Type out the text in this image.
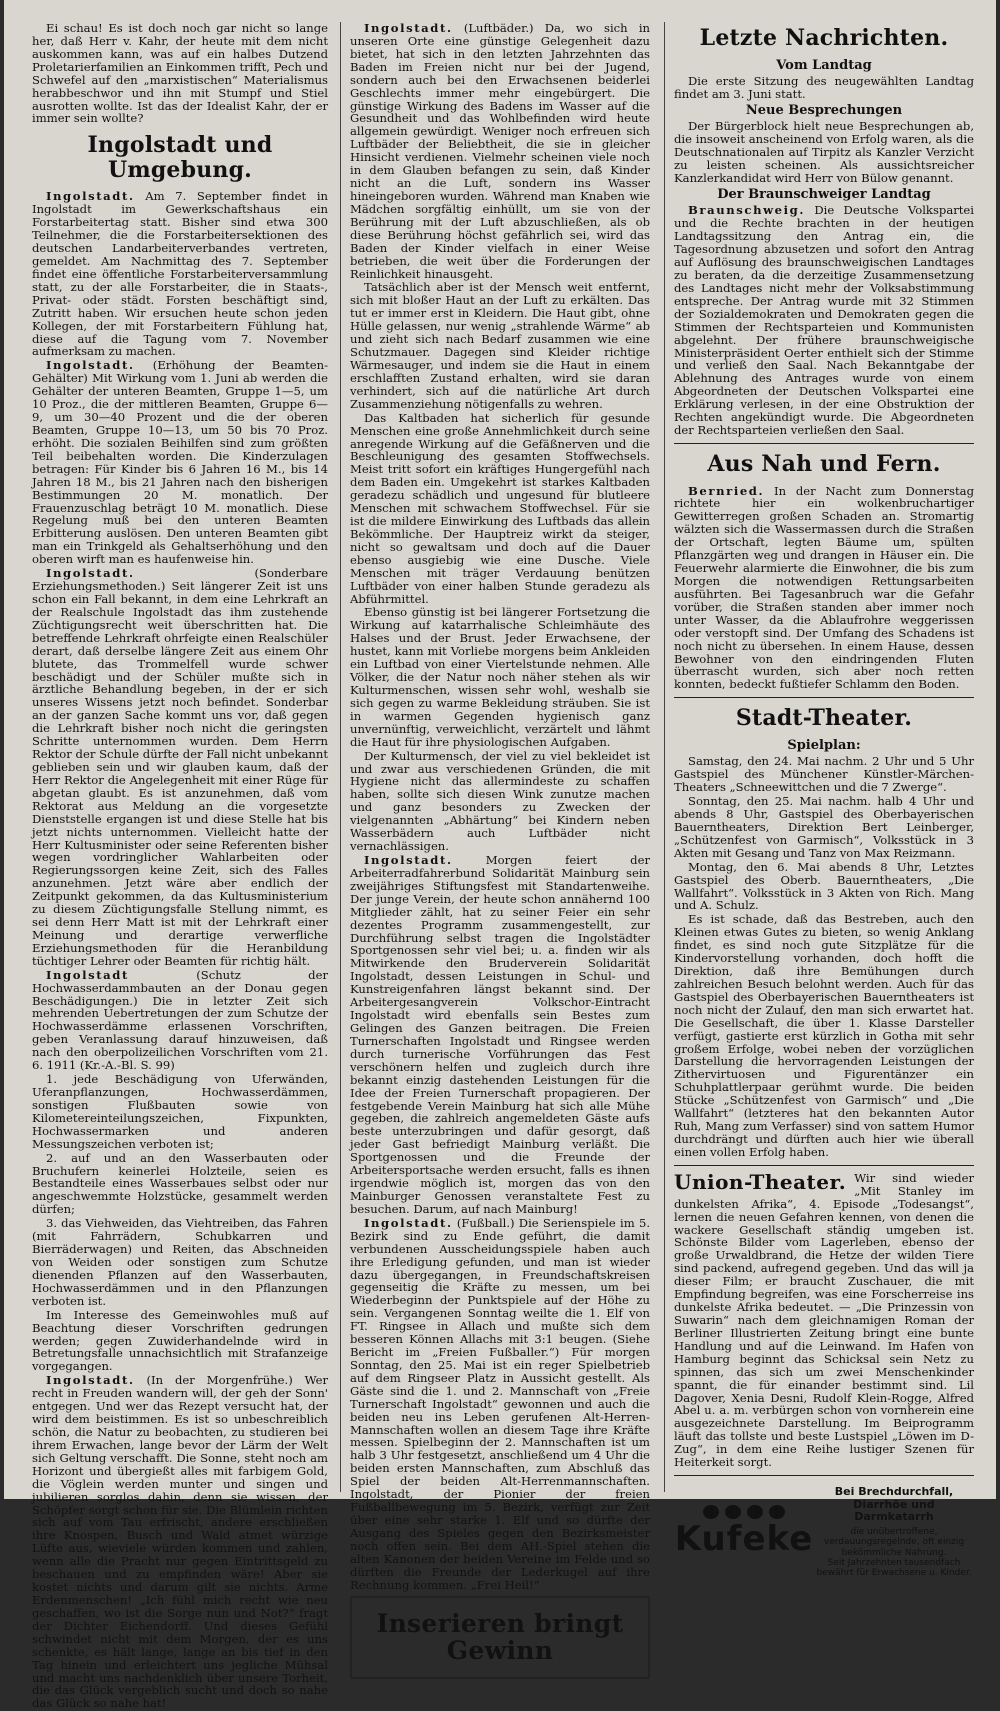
Ei schau! Es ist doch noch gar nicht so lange her, daß Herr v. Kahr, der heute mit dem nicht auskommen kann, was auf ein halbes Dutzend Proletarierfamilien an Einkommen trifft, Pech und Schwefel auf den „marxistischen“ Materialismus herabbeschwor und ihn mit Stumpf und Stiel ausrotten wollte. Ist das der Idealist Kahr, der er immer sein wollte?

Ingolstadt und Umgebung.

Ingolstadt. Am 7. September findet in Ingolstadt im Gewerkschaftshaus ein Forstarbeitertag statt. Bisher sind etwa 300 Teilnehmer, die die Forstarbeitersektionen des deutschen Landarbeiterverbandes vertreten, gemeldet. Am Nachmittag des 7. September findet eine öffentliche Forstarbeiterversammlung statt, zu der alle Forstarbeiter, die in Staats-, Privat- oder städt. Forsten beschäftigt sind, Zutritt haben. Wir ersuchen heute schon jeden Kollegen, der mit Forstarbeitern Fühlung hat, diese auf die Tagung vom 7. November aufmerksam zu machen.

Ingolstadt. (Erhöhung der Beamten-Gehälter) Mit Wirkung vom 1. Juni ab werden die Gehälter der unteren Beamten, Gruppe 1—5, um 10 Proz., die der mittleren Beamten, Gruppe 6—9, um 30—40 Prozent und die der oberen Beamten, Gruppe 10—13, um 50 bis 70 Proz. erhöht. Die sozialen Beihilfen sind zum größten Teil beibehalten worden. Die Kinderzulagen betragen: Für Kinder bis 6 Jahren 16 M., bis 14 Jahren 18 M., bis 21 Jahren nach den bisherigen Bestimmungen 20 M. monatlich. Der Frauenzuschlag beträgt 10 M. monatlich. Diese Regelung muß bei den unteren Beamten Erbitterung auslösen. Den unteren Beamten gibt man ein Trinkgeld als Gehaltserhöhung und den oberen wirft man es haufenweise hin.

Ingolstadt.	(Sonderbare Erziehungsmethoden.) Seit längerer Zeit ist uns schon ein Fall bekannt, in dem eine Lehrkraft an der Realschule Ingolstadt das ihm zustehende Züchtigungsrecht weit überschritten hat. Die betreffende Lehrkraft ohrfeigte einen Realschüler derart, daß derselbe längere Zeit aus einem Ohr blutete, das Trommelfell wurde schwer beschädigt und der Schüler mußte sich in ärztliche Behandlung begeben, in der er sich unseres Wissens jetzt noch befindet. Sonderbar an der ganzen Sache kommt uns vor, daß gegen die Lehrkraft bisher noch nicht die geringsten Schritte unternommen wurden. Dem Herrn Rektor der Schule dürfte der Fall nicht unbekannt geblieben sein und wir glauben kaum, daß der Herr Rektor die Angelegenheit mit einer Rüge für abgetan glaubt. Es ist anzunehmen, daß vom Rektorat aus Meldung an die vorgesetzte Dienststelle ergangen ist und diese Stelle hat bis jetzt nichts unternommen. Vielleicht hatte der Herr Kultusminister oder seine Referenten bisher wegen vordringlicher Wahlarbeiten oder Regierungssorgen keine Zeit, sich des Falles anzunehmen. Jetzt wäre aber endlich der Zeitpunkt gekommen, da das Kultusministerium zu diesem Züchtigungsfalle Stellung nimmt, es sei denn Herr Matt ist mit der Lehrkraft einer Meinung und derartige verwerfliche Erziehungsmethoden für die Heranbildung tüchtiger Lehrer oder Beamten für richtig hält.

Ingolstadt	(Schutz der Hochwasserdammbauten an der Donau gegen Beschädigungen.) Die in letzter Zeit sich mehrenden Uebertretungen der zum Schutze der Hochwasserdämme erlassenen Vorschriften, geben Veranlassung darauf hinzuweisen, daß nach den oberpolizeilichen Vorschriften vom 21. 6. 1911 (Kr.-A.-Bl. S. 99)

1. jede Beschädigung von Uferwänden, Uferanpflanzungen, Hochwasserdämmen, sonstigen Flußbauten sowie von Kilometereinteilungszeichen, Fixpunkten, Hochwassermarken und anderen Messungszeichen verboten ist;

2. auf und an den Wasserbauten oder Bruchufern keinerlei Holzteile, seien es Bestandteile eines Wasserbaues selbst oder nur angeschwemmte Holzstücke, gesammelt werden dürfen;

3. das Viehweiden, das Viehtreiben, das Fahren (mit Fahrrädern, Schubkarren und Bierräderwagen) und Reiten, das Abschneiden von Weiden oder sonstigen zum Schutze dienenden Pflanzen auf den Wasserbauten, Hochwasserdämmen und in den Pflanzungen verboten ist.

Im Interesse des Gemeinwohles muß auf Beachtung dieser Vorschriften gedrungen werden; gegen Zuwiderhandelnde wird in Betretungsfalle unnachsichtlich mit Strafanzeige vorgegangen.

Ingolstadt. (In der Morgenfrühe.) Wer recht in Freuden wandern will, der geh der Sonn' entgegen. Und wer das Rezept versucht hat, der wird dem beistimmen. Es ist so unbeschreiblich schön, die Natur zu beobachten, zu studieren bei ihrem Erwachen, lange bevor der Lärm der Welt sich Geltung verschafft. Die Sonne, steht noch am Horizont und übergießt alles mit farbigem Gold, die Vöglein werden munter und singen und jubilieren sorglos dahin, denn sie wissen, der Schöpfer sorgt schon für sie. Die Blümlein richten sich auf vom Tau erfrischt, andere erschließen ihre Knospen, Busch und Wald atmet würzige Lüfte aus, wieviele würden kommen und zahlen, wenn alle die Pracht nur gegen Eintrittsgeld zu beschauen und zu empfinden wäre! Aber sie kostet nichts und darum gilt sie nichts. Arme Erdenmenschen! „Ich fühl mich recht wie neu geschaffen, wo ist die Sorge nun und Not?“ fragt der Dichter Eichendorff. Und dieses Gefühl schwindet nicht mit dem Morgen, der es uns schenkte, es hält lange, lange an bis tief in den Tag hinein und erleichtert uns jegliche Mühsal und macht uns nachdenklich über unsere Torheit, die das Glück vergeblich sucht und doch so nahe das Glück so nahe hat!

Ingolstadt. (Luftbäder.) Da, wo sich in unseren Orte eine günstige Gelegenheit dazu bietet, hat sich in den letzten Jahrzehnten das Baden im Freien nicht nur bei der Jugend, sondern auch bei den Erwachsenen beiderlei Geschlechts immer mehr eingebürgert. Die günstige Wirkung des Badens im Wasser auf die Gesundheit und das Wohlbefinden wird heute allgemein gewürdigt. Weniger noch erfreuen sich Luftbäder der Beliebtheit, die sie in gleicher Hinsicht verdienen. Vielmehr scheinen viele noch in dem Glauben befangen zu sein, daß Kinder nicht an die Luft, sondern ins Wasser hineingeboren wurden. Während man Knaben wie Mädchen sorgfältig einhüllt, um sie von der Berührung mit der Luft abzuschließen, als ob diese Berührung höchst gefährlich sei, wird das Baden der Kinder vielfach in einer Weise betrieben, die weit über die Forderungen der Reinlichkeit hinausgeht.

Tatsächlich aber ist der Mensch weit entfernt, sich mit bloßer Haut an der Luft zu erkälten. Das tut er immer erst in Kleidern. Die Haut gibt, ohne Hülle gelassen, nur wenig „strahlende Wärme“ ab und zieht sich nach Bedarf zusammen wie eine Schutzmauer. Dagegen sind Kleider richtige Wärmesauger, und indem sie die Haut in einem erschlafften Zustand erhalten, wird sie daran verhindert, sich auf die natürliche Art durch Zusammenziehung nötigenfalls zu wehren.

Das Kaltbaden hat sicherlich für gesunde Menschen eine große Annehmlichkeit durch seine anregende Wirkung auf die Gefäßnerven und die Beschleunigung des gesamten Stoffwechsels. Meist tritt sofort ein kräftiges Hungergefühl nach dem Baden ein. Umgekehrt ist starkes Kaltbaden geradezu schädlich und ungesund für blutleere Menschen mit schwachem Stoffwechsel. Für sie ist die mildere Einwirkung des Luftbads das allein Bekömmliche. Der Hauptreiz wirkt da steiger, nicht so gewaltsam und doch auf die Dauer ebenso ausgiebig wie eine Dusche. Viele Menschen mit träger Verdauung benützen Luftbäder von einer halben Stunde geradezu als Abführmittel.

Ebenso günstig ist bei längerer Fortsetzung die Wirkung auf katarrhalische Schleimhäute des Halses und der Brust. Jeder Erwachsene, der hustet, kann mit Vorliebe morgens beim Ankleiden ein Luftbad von einer Viertelstunde nehmen. Alle Völker, die der Natur noch näher stehen als wir Kulturmenschen, wissen sehr wohl, weshalb sie sich gegen zu warme Bekleidung sträuben. Sie ist in warmen Gegenden hygienisch ganz unvernünftig, verweichlicht, verzärtelt und lähmt die Haut für ihre physiologischen Aufgaben.

Der Kulturmensch, der viel zu viel bekleidet ist und zwar aus verschiedenen Gründen, die mit Hygiene nicht das allermindeste zu schaffen haben, sollte sich diesen Wink zunutze machen und ganz besonders zu Zwecken der vielgenannten „Abhärtung“ bei Kindern neben Wasserbädern auch Luftbäder nicht vernachlässigen.

Ingolstadt.	Morgen feiert der Arbeiterradfahrerbund Solidarität Mainburg sein zweijähriges Stiftungsfest mit Standartenweihe. Der junge Verein, der heute schon annähernd 100 Mitglieder zählt, hat zu seiner Feier ein sehr dezentes Programm zusammengestellt, zur Durchführung selbst tragen die Ingolstädter Sportgenossen sehr viel bei; u. a. finden wir als Mitwirkende den Bruderverein Solidarität Ingolstadt, dessen Leistungen in Schul- und Kunstreigenfahren längst bekannt sind. Der Arbeitergesangverein Volkschor-Eintracht Ingolstadt wird ebenfalls sein Bestes zum Gelingen des Ganzen beitragen. Die Freien Turnerschaften Ingolstadt und Ringsee werden durch turnerische Vorführungen das Fest verschönern helfen und zugleich durch ihre bekannt einzig dastehenden Leistungen für die Idee der Freien Turnerschaft propagieren. Der festgebende Verein Mainburg hat sich alle Mühe gegeben, die zahlreich angemeldeten Gäste aufs beste unterzubringen und dafür gesorgt, daß jeder Gast befriedigt Mainburg verläßt. Die Sportgenossen und die Freunde der Arbeitersportsache werden ersucht, falls es ihnen irgendwie möglich ist, morgen das von den Mainburger Genossen veranstaltete Fest zu besuchen. Darum, auf nach Mainburg!

Ingolstadt. (Fußball.) Die Serienspiele im 5. Bezirk sind zu Ende geführt, die damit verbundenen Ausscheidungsspiele haben auch ihre Erledigung gefunden, und man ist wieder dazu übergegangen, in Freundschaftskreisen gegenseitig die Kräfte zu messen, um bei Wiederbeginn der Punktspiele auf der Höhe zu sein. Vergangenen Sonntag weilte die 1. Elf von FT. Ringsee in Allach und mußte sich dem besseren Können Allachs mit 3:1 beugen. (Siehe Bericht im „Freien Fußballer.“) Für morgen Sonntag, den 25. Mai ist ein reger Spielbetrieb auf dem Ringseer Platz in Aussicht gestellt. Als Gäste sind die 1. und 2. Mannschaft von „Freie Turnerschaft Ingolstadt“ gewonnen und auch die beiden neu ins Leben gerufenen Alt-Herren-Mannschaften wollen an diesem Tage ihre Kräfte messen. Spielbeginn der 2. Mannschaften ist um halb 3 Uhr festgesetzt, anschließend um 4 Uhr die beiden ersten Mannschaften, zum Abschluß das Spiel der beiden Alt-Herrenmannschaften. Ingolstadt, der Pionier der freien Fußballbewegung im 5. Bezirk, verfügt zur Zeit über eine sehr starke 1. Elf und so dürfte der Ausgang des Spieles gegen den Bezirksmeister noch offen sein. Bei dem AH.-Spiel stehen die alten Kanonen der beiden Vereine im Felde und so dürften die Freunde der Lederkugel auf ihre Rechnung kommen. „Frei Heil!“

Inserieren bringt Gewinn
Letzte Nachrichten.
Vom Landtag

Die erste Sitzung des neugewählten Landtag findet am 3. Juni statt.

Neue Besprechungen

Der Bürgerblock hielt neue Besprechungen ab, die insoweit anscheinend von Erfolg waren, als die Deutschnationalen auf Tirpitz als Kanzler Verzicht zu leisten scheinen. Als aussichtsreicher Kanzlerkandidat wird Herr von Bülow genannt.

Der Braunschweiger Landtag

Braunschweig. Die Deutsche Volkspartei und die Rechte brachten in der heutigen Landtagssitzung den Antrag ein, die Tagesordnung abzusetzen und sofort den Antrag auf Auflösung des braunschweigischen Landtages zu beraten, da die derzeitige Zusammensetzung des Landtages nicht mehr der Volksabstimmung entspreche. Der Antrag wurde mit 32 Stimmen der Sozialdemokraten und Demokraten gegen die Stimmen der Rechtsparteien und Kommunisten abgelehnt. Der frühere braunschweigische Ministerpräsident Oerter enthielt sich der Stimme und verließ den Saal. Nach Bekanntgabe der Ablehnung des Antrages wurde von einem Abgeordneten der Deutschen Volkspartei eine Erklärung verlesen, in der eine Obstruktion der Rechten angekündigt wurde. Die Abgeordneten der Rechtsparteien verließen den Saal.

Aus Nah und Fern.

Bernried. In der Nacht zum Donnerstag richtete hier ein wolkenbruchartiger Gewitterregen großen Schaden an. Stromartig wälzten sich die Wassermassen durch die Straßen der Ortschaft, legten Bäume um, spülten Pflanzgärten weg und drangen in Häuser ein. Die Feuerwehr alarmierte die Einwohner, die bis zum Morgen die notwendigen Rettungsarbeiten ausführten. Bei Tagesanbruch war die Gefahr vorüber, die Straßen standen aber immer noch unter Wasser, da die Ablaufrohre weggerissen oder verstopft sind. Der Umfang des Schadens ist noch nicht zu übersehen. In einem Hause, dessen Bewohner von den eindringenden Fluten überrascht wurden, sich aber noch retten konnten, bedeckt fußtiefer Schlamm den Boden.

Stadt-Theater.
Spielplan:

Samstag, den 24. Mai nachm. 2 Uhr und 5 Uhr Gastspiel des Münchener Künstler-Märchen-Theaters „Schneewittchen und die 7 Zwerge“.

Sonntag, den 25. Mai nachm. halb 4 Uhr und abends 8 Uhr, Gastspiel des Oberbayerischen Bauerntheaters, Direktion Bert Leinberger, „Schützenfest von Garmisch“, Volksstück in 3 Akten mit Gesang und Tanz von Max Reizmann.

Montag, den 6. Mai abends 8 Uhr, Letztes Gastspiel des Oberb. Bauerntheaters, „Die Wallfahrt“. Volksstück in 3 Akten von Rich. Mang und A. Schulz.

Es ist schade, daß das Bestreben, auch den Kleinen etwas Gutes zu bieten, so wenig Anklang findet, es sind noch gute Sitzplätze für die Kindervorstellung vorhanden, doch hofft die Direktion, daß ihre Bemühungen durch zahlreichen Besuch belohnt werden. Auch für das Gastspiel des Oberbayerischen Bauerntheaters ist noch nicht der Zulauf, den man sich erwartet hat. Die Gesellschaft, die über 1. Klasse Darsteller verfügt, gastierte erst kürzlich in Gotha mit sehr großem Erfolge, wobei neben der vorzüglichen Darstellung die hervorragenden Leistungen der Zithervirtuosen und Figurentänzer ein Schuhplattlerpaar gerühmt wurde. Die beiden Stücke „Schützenfest von Garmisch“ und „Die Wallfahrt“ (letzteres hat den bekannten Autor Ruh, Mang zum Verfasser) sind von sattem Humor durchdrängt und dürften auch hier wie überall einen vollen Erfolg haben.

Union-Theater. Wir sind wieder „Mit Stanley im dunkelsten Afrika“, 4. Episode „Todesangst“, lernen die neuen Gefahren kennen, von denen die wackere Gesellschaft ständig umgeben ist. Schönste Bilder vom Lagerleben, ebenso der große Urwaldbrand, die Hetze der wilden Tiere sind packend, aufregend gegeben. Und das will ja dieser Film; er braucht Zuschauer, die mit Empfindung begreifen, was eine Forscherreise ins dunkelste Afrika bedeutet. — „Die Prinzessin von Suwarin“ nach dem gleichnamigen Roman der Berliner Illustrierten Zeitung bringt eine bunte Handlung und auf die Leinwand. Im Hafen von Hamburg beginnt das Schicksal sein Netz zu spinnen, das sich um zwei Menschenkinder spannt, die für einander bestimmt sind. Lil Dagover, Xenia Desni, Rudolf Klein-Rogge, Alfred Abel u. a. m. verbürgen schon von vornherein eine ausgezeichnete Darstellung. Im Beiprogramm läuft das tollste und beste Lustspiel „Löwen im D-Zug“, in dem eine Reihe lustiger Szenen für Heiterkeit sorgt.

Kufeke
Bei Brechdurchfall, Diarrhöe und Darmkatarrh
die unübertroffene, verdauungsregelnde, oft einzig bekömmliche Nahrung.
Seit Jahrzehnten tausendfach bewährt für Erwachsene u. Kinder.
